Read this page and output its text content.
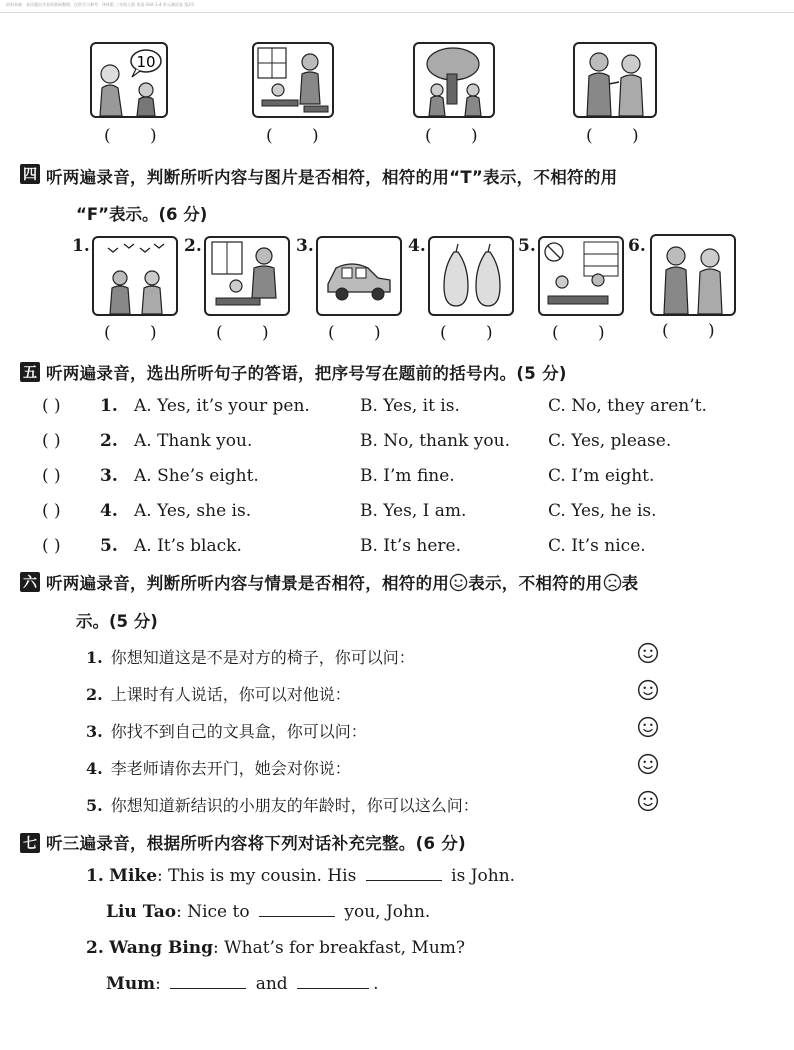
资料来源：本试题由学易资源网整理，仅供学习参考 · 译林版 三年级上册 英语 Unit 1-4 单元测试卷 第2页
10
(      )	(      )	(      )	(      )
四 听两遍录音，判断所听内容与图片是否相符，相符的用“T”表示，不相符的用
“F”表示。(6 分)
1.	2.	3.	4.	5.	6.
(      )	(      )	(      )	(      )	(      )	(      )
五 听两遍录音，选出所听句子的答语，把序号写在题前的括号内。(5 分)
( ) 1. A. Yes, it’s your pen.	B. Yes, it is.	C. No, they aren’t.
( ) 2. A. Thank you.	B. No, thank you. C. Yes, please.
( ) 3. A. She’s eight.	B. I’m fine.	C. I’m eight.
( ) 4. A. Yes, she is.	B. Yes, I am.	C. Yes, he is.
( ) 5. A. It’s black.	B. It’s here.	C. It’s nice.
六 听两遍录音，判断所听内容与情景是否相符，相符的用 表示，不相符的用 表
示。(5 分)
1. 你想知道这是不是对方的椅子，你可以问：
2. 上课时有人说话，你可以对他说：
3. 你找不到自己的文具盒，你可以问：
4. 李老师请你去开门，她会对你说：
5. 你想知道新结识的小朋友的年龄时，你可以这么问：
七 听三遍录音，根据所听内容将下列对话补充完整。(6 分)
1. Mike: This is my cousin. His	is John.
Liu Tao: Nice to	you, John.
2. Wang Bing: What’s for breakfast, Mum?
Mum:	and	.
